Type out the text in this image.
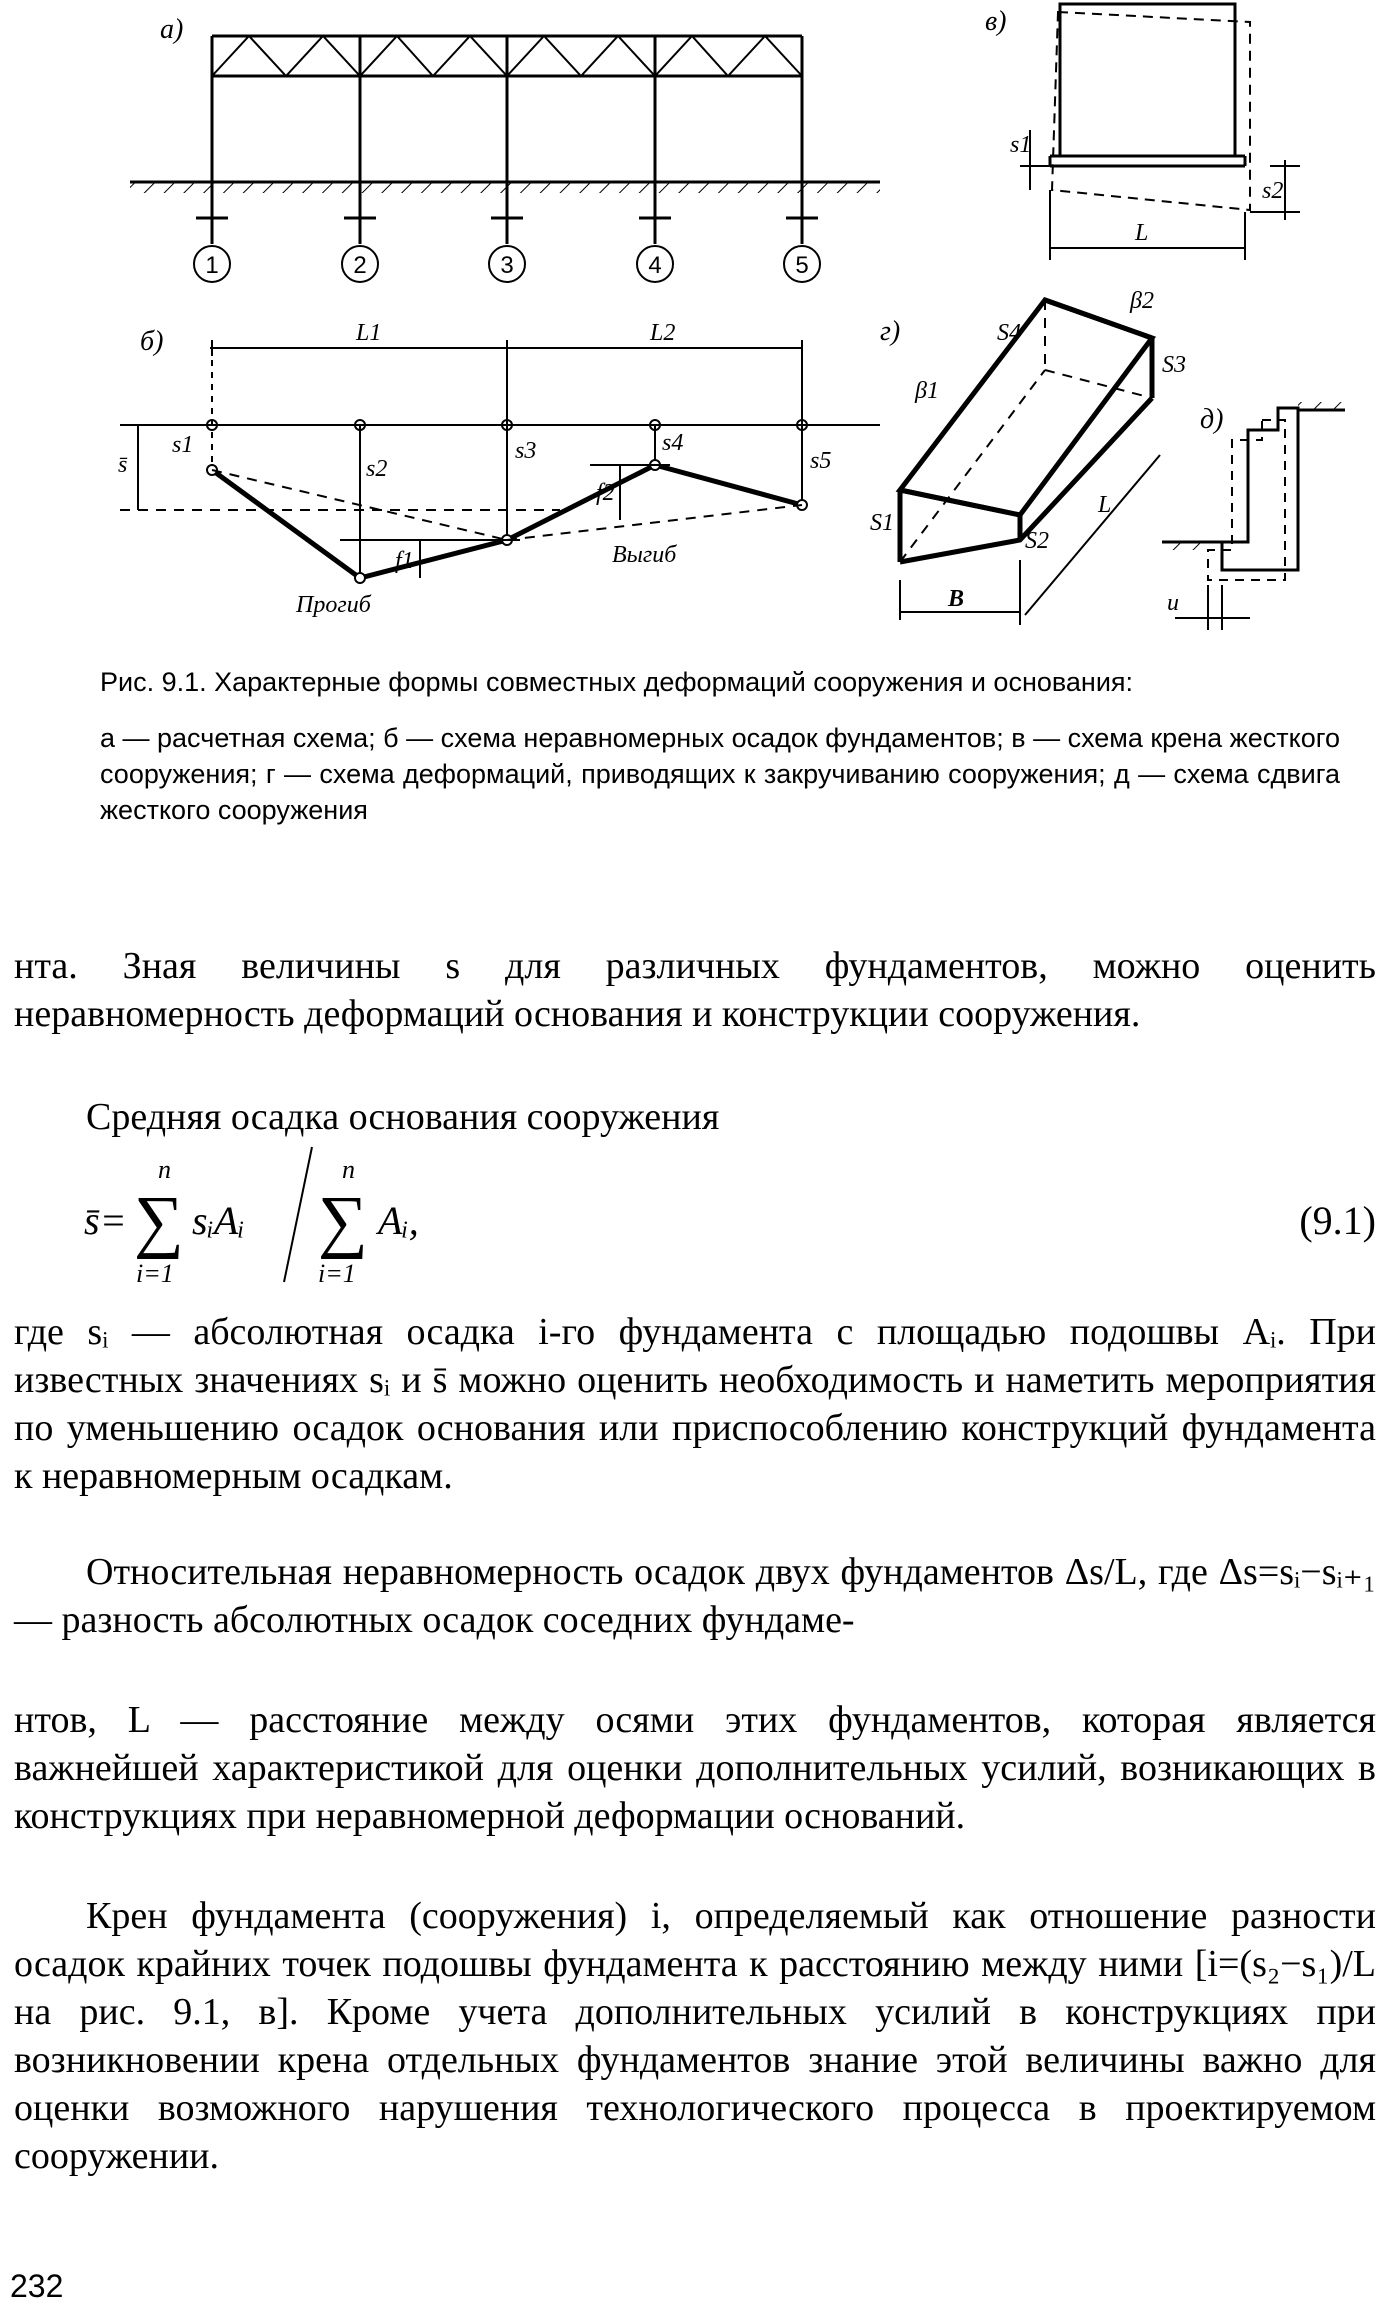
а)
1	2	3	4	5
б)	L1	L2
s̄
s1
s2
s3	s4
s5
f1
f2
Прогиб
Выгиб
в)
s1
s2
L
г)	S4
S3
S1
S2
β1
β2
B
L
д)
u
Рис. 9.1. Характерные формы совместных деформаций сооружения и основания:
а — расчетная схема; б — схема неравномерных осадок фундаментов; в — схема крена жесткого сооружения; г — схема деформаций, приводящих к закручиванию сооружения; д — схема сдвига жесткого сооружения
нта. Зная величины s для различных фундаментов, можно оценить неравномерность деформаций основания и конструкции сооружения.
Средняя осадка основания сооружения
s̄=
n
∑
i=1
sᵢAᵢ
n
∑
i=1
Aᵢ,	(9.1)
где sᵢ — абсолютная осадка i-го фундамента с площадью подошвы Aᵢ. При известных значениях sᵢ и s̄ можно оценить необходимость и наметить мероприятия по уменьшению осадок основания или приспособлению конструкций фундамента к неравномерным осадкам.
Относительная неравномерность осадок двух фундаментов Δs/L, где Δs=sᵢ−sᵢ₊₁ — разность абсолютных осадок соседних фундаме-
нтов, L — расстояние между осями этих фундаментов, которая является важнейшей характеристикой для оценки дополнительных усилий, возникающих в конструкциях при неравномерной деформации оснований.
Крен фундамента (сооружения) i, определяемый как отношение разности осадок крайних точек подошвы фундамента к расстоянию между ними [i=(s₂−s₁)/L на рис. 9.1, в]. Кроме учета дополнительных усилий в конструкциях при возникновении крена отдельных фундаментов знание этой величины важно для оценки возможного нарушения технологического процесса в проектируемом сооружении.
232
